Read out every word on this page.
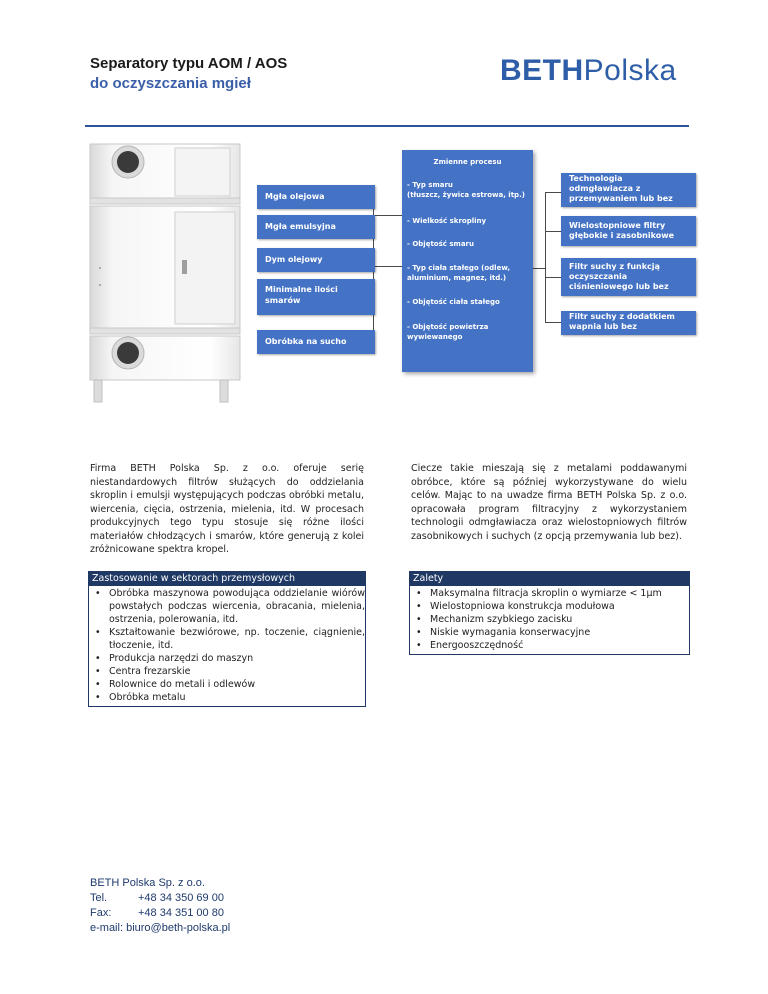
Separatory typu AOM / AOS
do oczyszczania mgieł	BETHPolska
Mgła olejowa
Mgła emulsyjna
Dym olejowy
Minimalne ilości
smarów
Obróbka na sucho
Zmienne procesu
- Typ smaru
(tłuszcz, żywica estrowa, itp.)
- Wielkość skropliny
- Objętość smaru
- Typ ciała stałego (odlew,
aluminium, magnez, itd.)
- Objętość ciała stałego
- Objętość powietrza
wywiewanego
Technologia
odmgławiacza z
przemywaniem lub bez
Wielostopniowe filtry
głębokie i zasobnikowe
Filtr suchy z funkcją
oczyszczania
ciśnieniowego lub bez
Filtr suchy z dodatkiem
wapnia lub bez
Firma BETH Polska Sp. z o.o. oferuje serię niestandardowych filtrów służących do oddzielania skroplin i emulsji występujących podczas obróbki metalu, wiercenia, cięcia, ostrzenia, mielenia, itd. W procesach produkcyjnych tego typu stosuje się różne ilości materiałów chłodzących i smarów, które generują z kolei zróżnicowane spektra kropel.
Ciecze takie mieszają się z metalami poddawanymi obróbce, które są później wykorzystywane do wielu celów. Mając to na uwadze firma BETH Polska Sp. z o.o. opracowała program filtracyjny z wykorzystaniem technologii odmgławiacza oraz wielostopniowych filtrów zasobnikowych i suchych (z opcją przemywania lub bez).
Zastosowanie w sektorach przemysłowych
• Obróbka maszynowa powodująca oddzielanie wiórów powstałych podczas wiercenia, obracania, mielenia, ostrzenia, polerowania, itd.
• Kształtowanie bezwiórowe, np. toczenie, ciągnienie, tłoczenie, itd.
• Produkcja narzędzi do maszyn
• Centra frezarskie
• Rolownice do metali i odlewów
• Obróbka metalu
Zalety
• Maksymalna filtracja skroplin o wymiarze < 1µm
• Wielostopniowa konstrukcja modułowa
• Mechanizm szybkiego zacisku
• Niskie wymagania konserwacyjne
• Energooszczędność
BETH Polska Sp. z o.o.
Tel.	+48 34 350 69 00
Fax: +48 34 351 00 80
e-mail: biuro@beth-polska.pl
